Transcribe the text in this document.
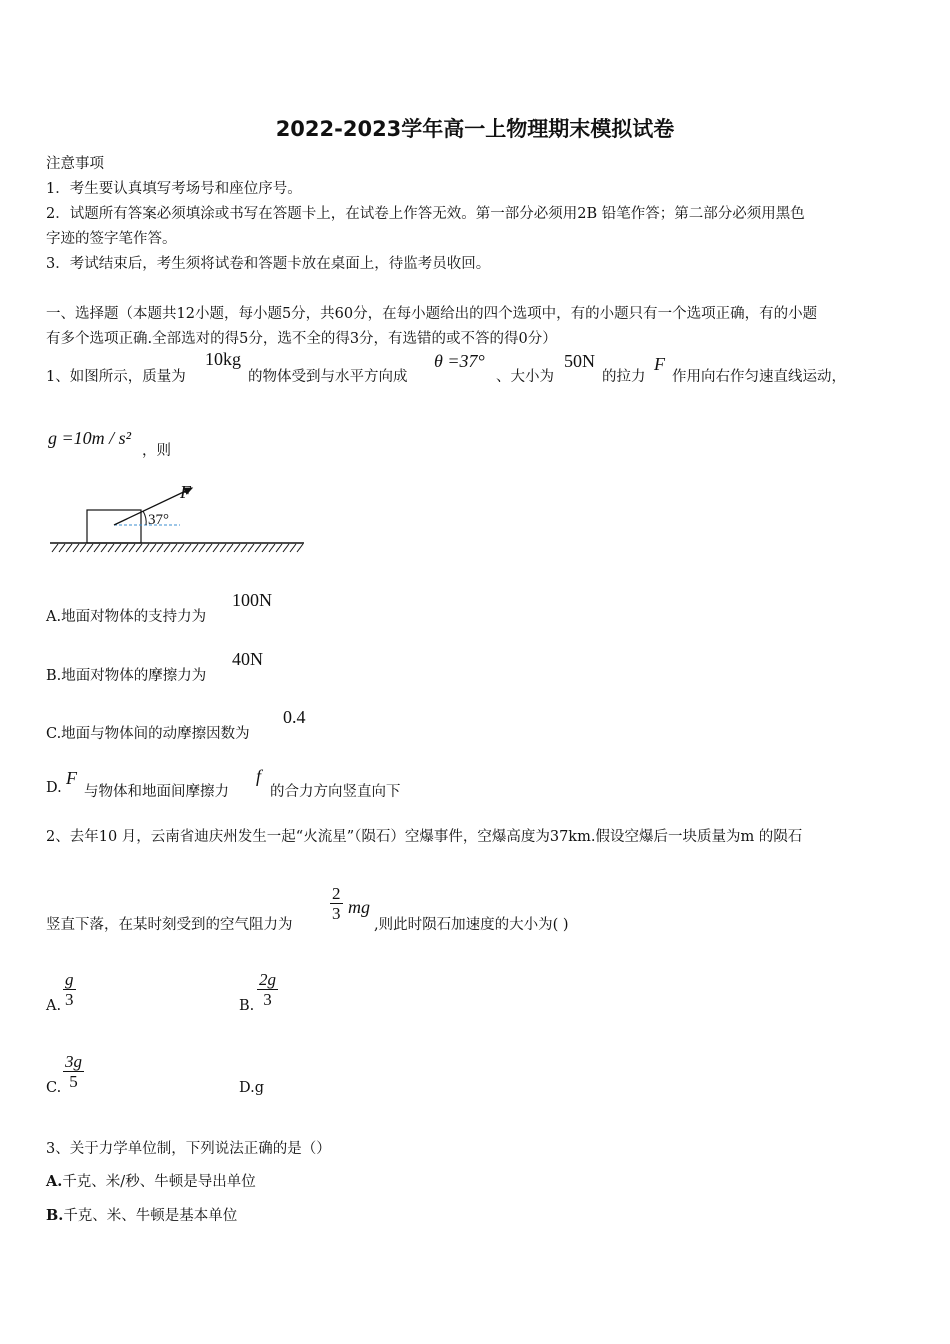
2022-2023学年高一上物理期末模拟试卷
注意事项
1．考生要认真填写考场号和座位序号。
2．试题所有答案必须填涂或书写在答题卡上，在试卷上作答无效。第一部分必须用2B 铅笔作答；第二部分必须用黑色
字迹的签字笔作答。
3．考试结束后，考生须将试卷和答题卡放在桌面上，待监考员收回。
一、选择题（本题共12小题，每小题5分，共60分，在每小题给出的四个选项中，有的小题只有一个选项正确，有的小题
有多个选项正确.全部选对的得5分，选不全的得3分，有选错的或不答的得0分）
1、如图所示，质量为
10kg
的物体受到与水平方向成
θ =37°
、大小为
50N
的拉力
F
作用向右作匀速直线运动，
g =10m / s²
，则
F
37°
A.地面对物体的支持力为
100N
B.地面对物体的摩擦力为
40N
C.地面与物体间的动摩擦因数为
0.4
D. F
与物体和地面间摩擦力
f
的合力方向竖直向下
2、去年10 月，云南省迪庆州发生一起“火流星”（陨石）空爆事件，空爆高度为37km.假设空爆后一块质量为m 的陨石
竖直下落，在某时刻受到的空气阻力为
$\frac{2}{3}$ mg
,则此时陨石加速度的大小为( )
A. $\frac{g}{3}$	B. $\frac{2g}{3}$
C. $\frac{3g}{5}$	D.g
3、关于力学单位制，下列说法正确的是（）
A.千克、米/秒、牛顿是导出单位
B.千克、米、牛顿是基本单位
